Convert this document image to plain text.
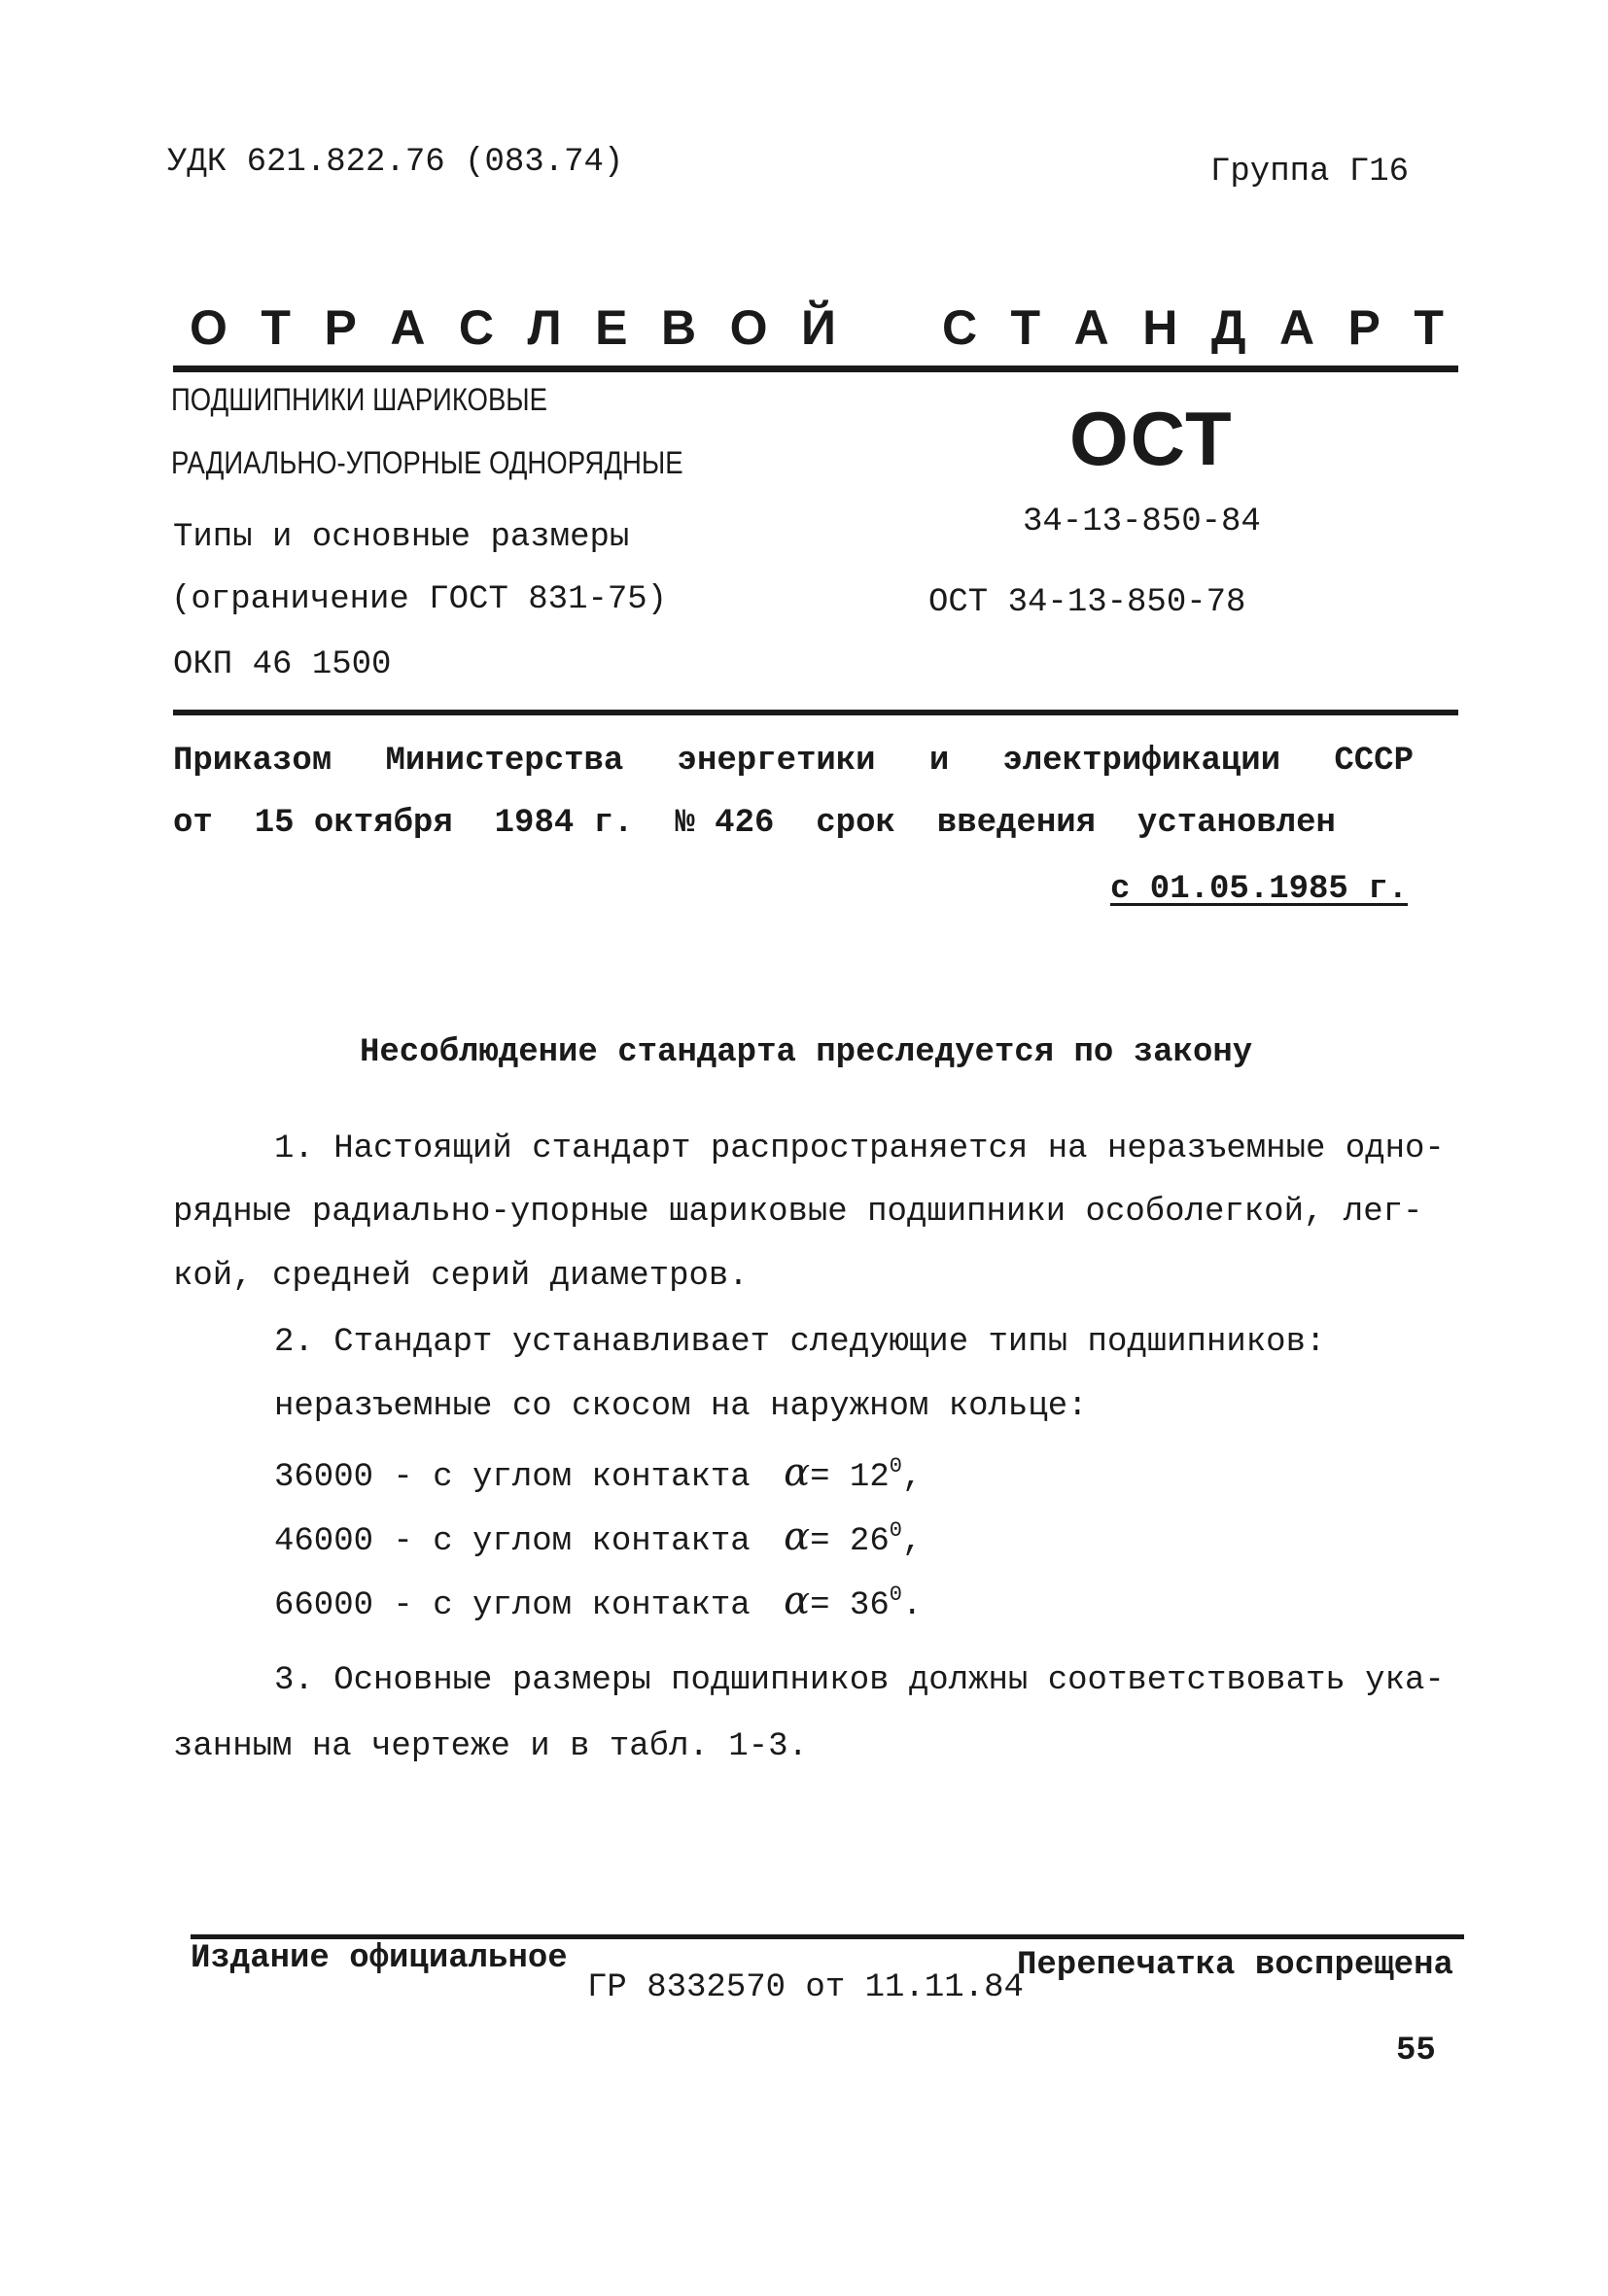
УДК 621.822.76 (083.74)	Группа Г16
О Т Р А С Л Е В О Й С Т А Н Д А Р Т
ПОДШИПНИКИ ШАРИКОВЫЕ
РАДИАЛЬНО-УПОРНЫЕ ОДНОРЯДНЫЕ
Типы и основные размеры
(ограничение ГОСТ 831-75)
ОКП 46 1500
ОСТ
34-13-850-84
ОСТ 34-13-850-78
Приказом Министерства энергетики и электрификации СССР
от 15 октября 1984 г. № 426 срок введения установлен
с 01.05.1985 г.
Несоблюдение стандарта преследуется по закону
1. Настоящий стандарт распространяется на неразъемные одно-
рядные радиально-упорные шариковые подшипники особолегкой, лег-
кой, средней серий диаметров.
2. Стандарт устанавливает следующие типы подшипников:
неразъемные со скосом на наружном кольце:
36000 - с углом контакта $\alpha= 12^0$,
46000 - с углом контакта $\alpha= 26^0$,
66000 - с углом контакта $\alpha= 36^0$.
3. Основные размеры подшипников должны соответствовать ука-
занным на чертеже и в табл. 1-3.
Издание официальное
ГР 8332570 от 11.11.84
Перепечатка воспрещена
55
